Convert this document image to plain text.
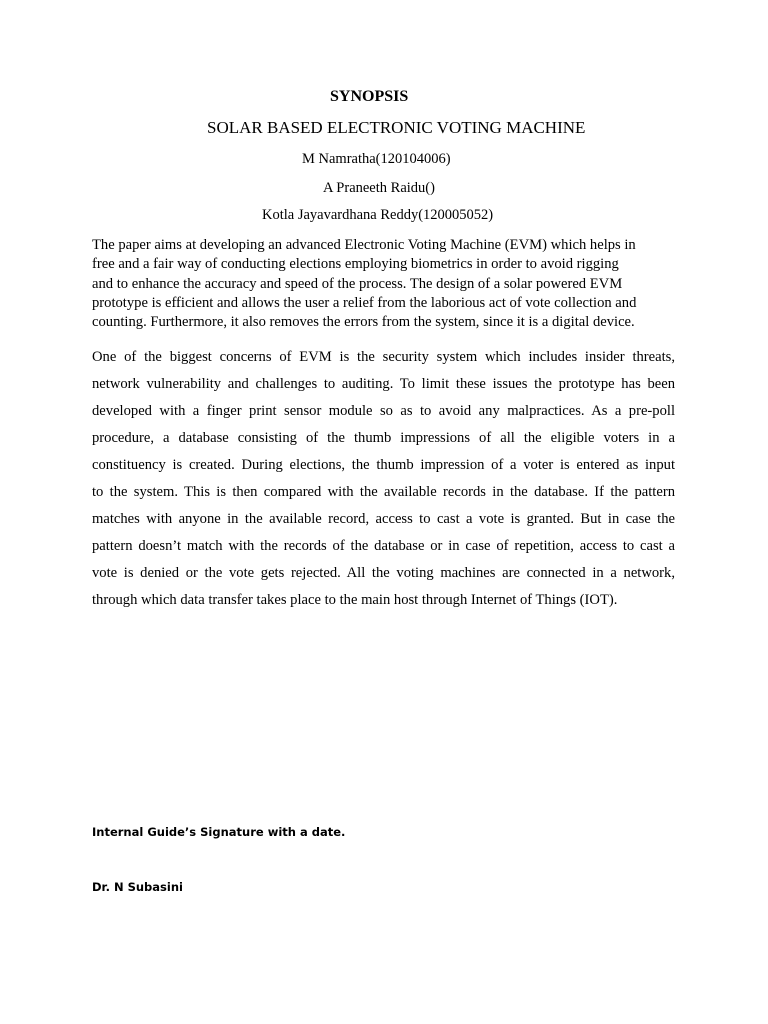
SYNOPSIS
SOLAR BASED ELECTRONIC VOTING MACHINE
M Namratha(120104006)
A Praneeth Raidu()
Kotla Jayavardhana Reddy(120005052)
The paper aims at developing an advanced Electronic Voting Machine (EVM) which helps in
free and a fair way of conducting elections employing biometrics in order to avoid rigging
and to enhance the accuracy and speed of the process. The design of a solar powered EVM
prototype is efficient and allows the user a relief from the laborious act of vote collection and
counting. Furthermore, it also removes the errors from the system, since it is a digital device.
One of the biggest concerns of EVM is the security system which includes insider threats,
network vulnerability and challenges to auditing. To limit these issues the prototype has been
developed with a finger print sensor module so as to avoid any malpractices. As a pre-poll
procedure, a database consisting of the thumb impressions of all the eligible voters in a
constituency is created. During elections, the thumb impression of a voter is entered as input
to the system. This is then compared with the available records in the database. If the pattern
matches with anyone in the available record, access to cast a vote is granted. But in case the
pattern doesn’t match with the records of the database or in case of repetition, access to cast a
vote is denied or the vote gets rejected. All the voting machines are connected in a network,
through which data transfer takes place to the main host through Internet of Things (IOT).
Internal Guide’s Signature with a date.
Dr. N Subasini
